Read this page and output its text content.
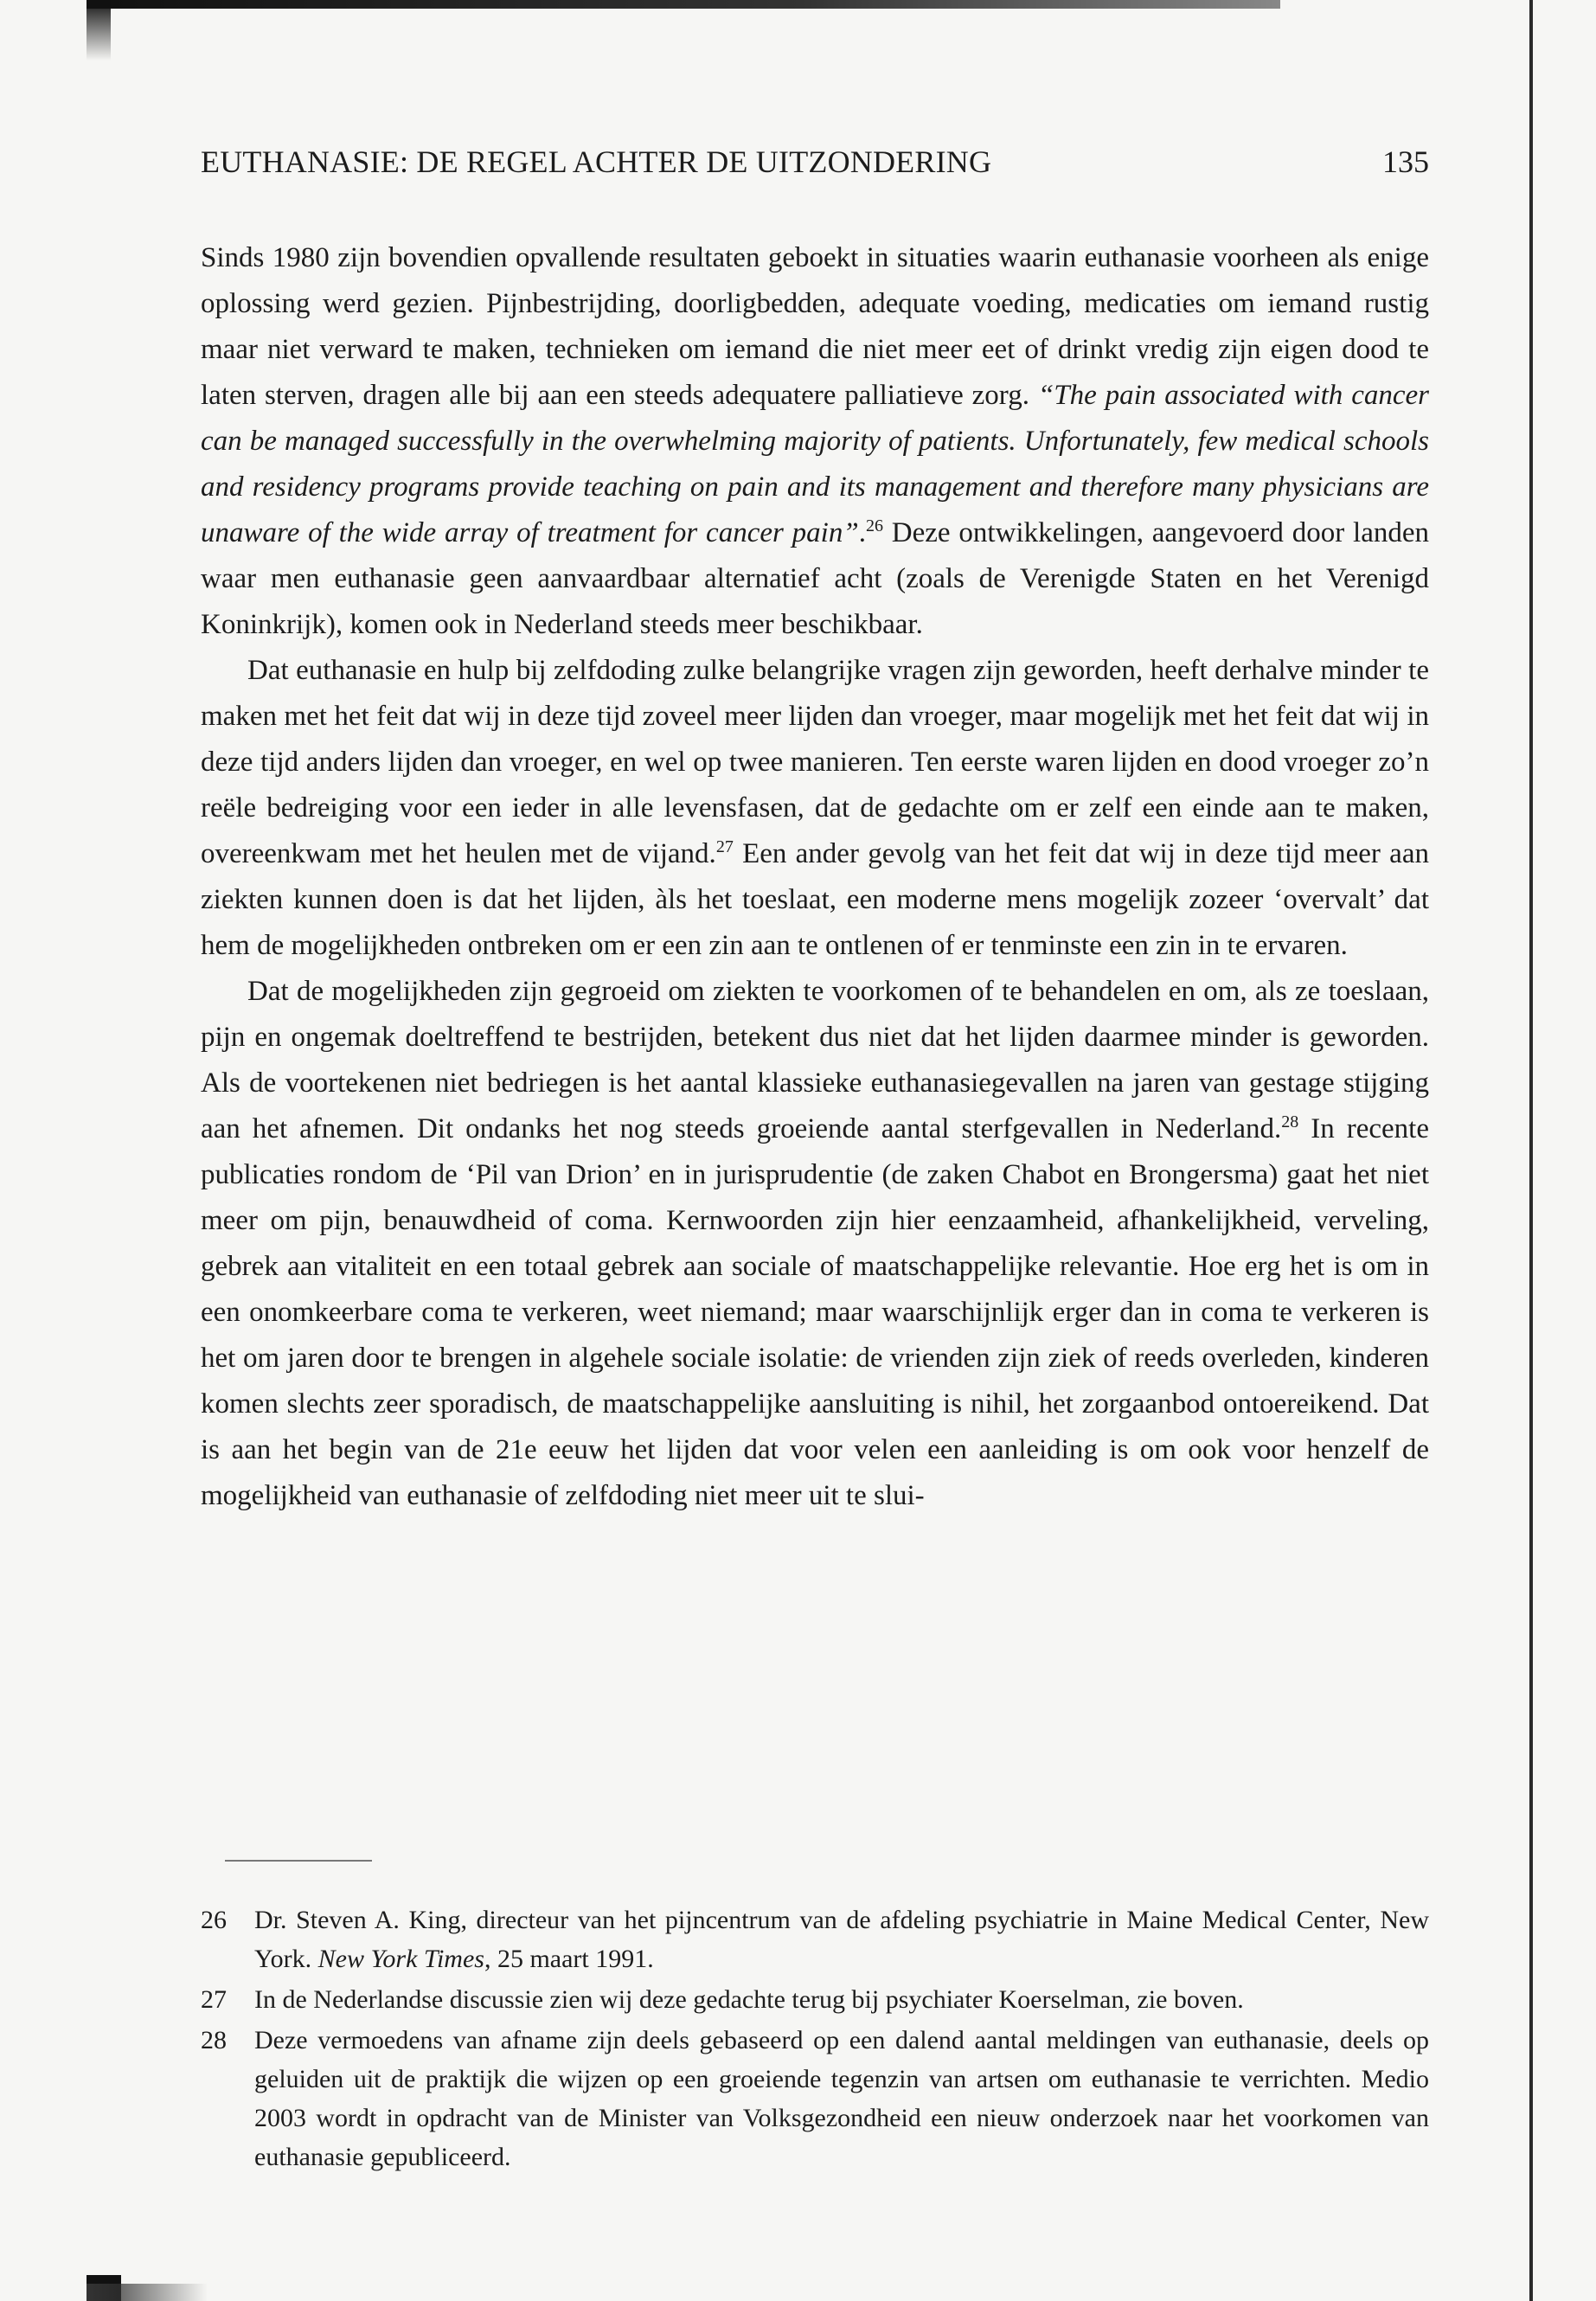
EUTHANASIE: DE REGEL ACHTER DE UITZONDERING	135

Sinds 1980 zijn bovendien opvallende resultaten geboekt in situaties waarin euthanasie voorheen als enige oplossing werd gezien. Pijnbestrijding, doorligbedden, adequate voeding, medicaties om iemand rustig maar niet verward te maken, technieken om iemand die niet meer eet of drinkt vredig zijn eigen dood te laten sterven, dragen alle bij aan een steeds adequatere palliatieve zorg. “The pain associated with cancer can be managed successfully in the overwhelming majority of patients. Unfortunately, few medical schools and residency programs provide teaching on pain and its management and therefore many physicians are unaware of the wide array of treatment for cancer pain”.$^{26}$ Deze ontwikkelingen, aangevoerd door landen waar men euthanasie geen aanvaardbaar alternatief acht (zoals de Verenigde Staten en het Verenigd Koninkrijk), komen ook in Nederland steeds meer beschikbaar.

Dat euthanasie en hulp bij zelfdoding zulke belangrijke vragen zijn geworden, heeft derhalve minder te maken met het feit dat wij in deze tijd zoveel meer lijden dan vroeger, maar mogelijk met het feit dat wij in deze tijd anders lijden dan vroeger, en wel op twee manieren. Ten eerste waren lijden en dood vroeger zo’n reële bedreiging voor een ieder in alle levensfasen, dat de gedachte om er zelf een einde aan te maken, overeenkwam met het heulen met de vijand.$^{27}$ Een ander gevolg van het feit dat wij in deze tijd meer aan ziekten kunnen doen is dat het lijden, àls het toeslaat, een moderne mens mogelijk zozeer ‘overvalt’ dat hem de mogelijkheden ontbreken om er een zin aan te ontlenen of er tenminste een zin in te ervaren.

Dat de mogelijkheden zijn gegroeid om ziekten te voorkomen of te behandelen en om, als ze toeslaan, pijn en ongemak doeltreffend te bestrijden, betekent dus niet dat het lijden daarmee minder is geworden. Als de voortekenen niet bedriegen is het aantal klassieke euthanasiegevallen na jaren van gestage stijging aan het afnemen. Dit ondanks het nog steeds groeiende aantal sterfgevallen in Nederland.$^{28}$ In recente publicaties rondom de ‘Pil van Drion’ en in jurisprudentie (de zaken Chabot en Brongersma) gaat het niet meer om pijn, benauwdheid of coma. Kernwoorden zijn hier eenzaamheid, afhankelijkheid, verveling, gebrek aan vitaliteit en een totaal gebrek aan sociale of maatschappelijke relevantie. Hoe erg het is om in een onomkeerbare coma te verkeren, weet niemand; maar waarschijnlijk erger dan in coma te verkeren is het om jaren door te brengen in algehele sociale isolatie: de vrienden zijn ziek of reeds overleden, kinderen komen slechts zeer sporadisch, de maatschappelijke aansluiting is nihil, het zorgaanbod ontoereikend. Dat is aan het begin van de 21e eeuw het lijden dat voor velen een aanleiding is om ook voor henzelf de mogelijkheid van euthanasie of zelfdoding niet meer uit te slui-

26 Dr. Steven A. King, directeur van het pijncentrum van de afdeling psychiatrie in Maine Medical Center, New York. New York Times, 25 maart 1991.
27 In de Nederlandse discussie zien wij deze gedachte terug bij psychiater Koerselman, zie boven.
28 Deze vermoedens van afname zijn deels gebaseerd op een dalend aantal meldingen van euthanasie, deels op geluiden uit de praktijk die wijzen op een groeiende tegenzin van artsen om euthanasie te verrichten. Medio 2003 wordt in opdracht van de Minister van Volksgezondheid een nieuw onderzoek naar het voorkomen van euthanasie gepubliceerd.
